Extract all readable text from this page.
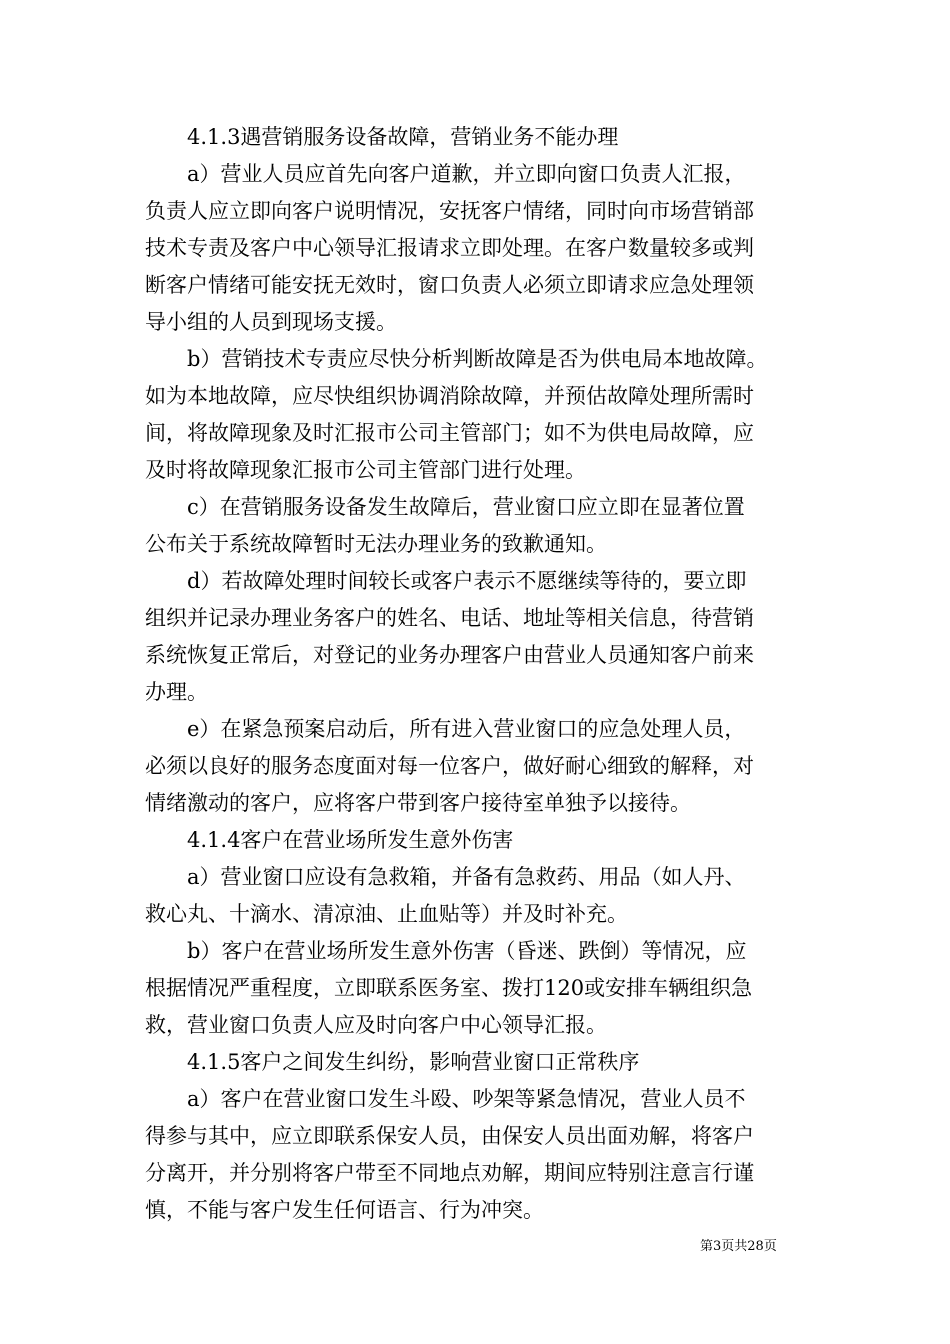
　　4.1.3遇营销服务设备故障，营销业务不能办理
　　a）营业人员应首先向客户道歉，并立即向窗口负责人汇报，
负责人应立即向客户说明情况，安抚客户情绪，同时向市场营销部
技术专责及客户中心领导汇报请求立即处理。在客户数量较多或判
断客户情绪可能安抚无效时，窗口负责人必须立即请求应急处理领
导小组的人员到现场支援。
　　b）营销技术专责应尽快分析判断故障是否为供电局本地故障。
如为本地故障，应尽快组织协调消除故障，并预估故障处理所需时
间，将故障现象及时汇报市公司主管部门；如不为供电局故障，应
及时将故障现象汇报市公司主管部门进行处理。
　　c）在营销服务设备发生故障后，营业窗口应立即在显著位置
公布关于系统故障暂时无法办理业务的致歉通知。
　　d）若故障处理时间较长或客户表示不愿继续等待的，要立即
组织并记录办理业务客户的姓名、电话、地址等相关信息，待营销
系统恢复正常后，对登记的业务办理客户由营业人员通知客户前来
办理。
　　e）在紧急预案启动后，所有进入营业窗口的应急处理人员，
必须以良好的服务态度面对每一位客户，做好耐心细致的解释，对
情绪激动的客户，应将客户带到客户接待室单独予以接待。
　　4.1.4客户在营业场所发生意外伤害
　　a）营业窗口应设有急救箱，并备有急救药、用品（如人丹、
救心丸、十滴水、清凉油、止血贴等）并及时补充。
　　b）客户在营业场所发生意外伤害（昏迷、跌倒）等情况，应
根据情况严重程度，立即联系医务室、拨打120或安排车辆组织急
救，营业窗口负责人应及时向客户中心领导汇报。
　　4.1.5客户之间发生纠纷，影响营业窗口正常秩序
　　a）客户在营业窗口发生斗殴、吵架等紧急情况，营业人员不
得参与其中，应立即联系保安人员，由保安人员出面劝解，将客户
分离开，并分别将客户带至不同地点劝解，期间应特别注意言行谨
慎，不能与客户发生任何语言、行为冲突。
第3页共28页
